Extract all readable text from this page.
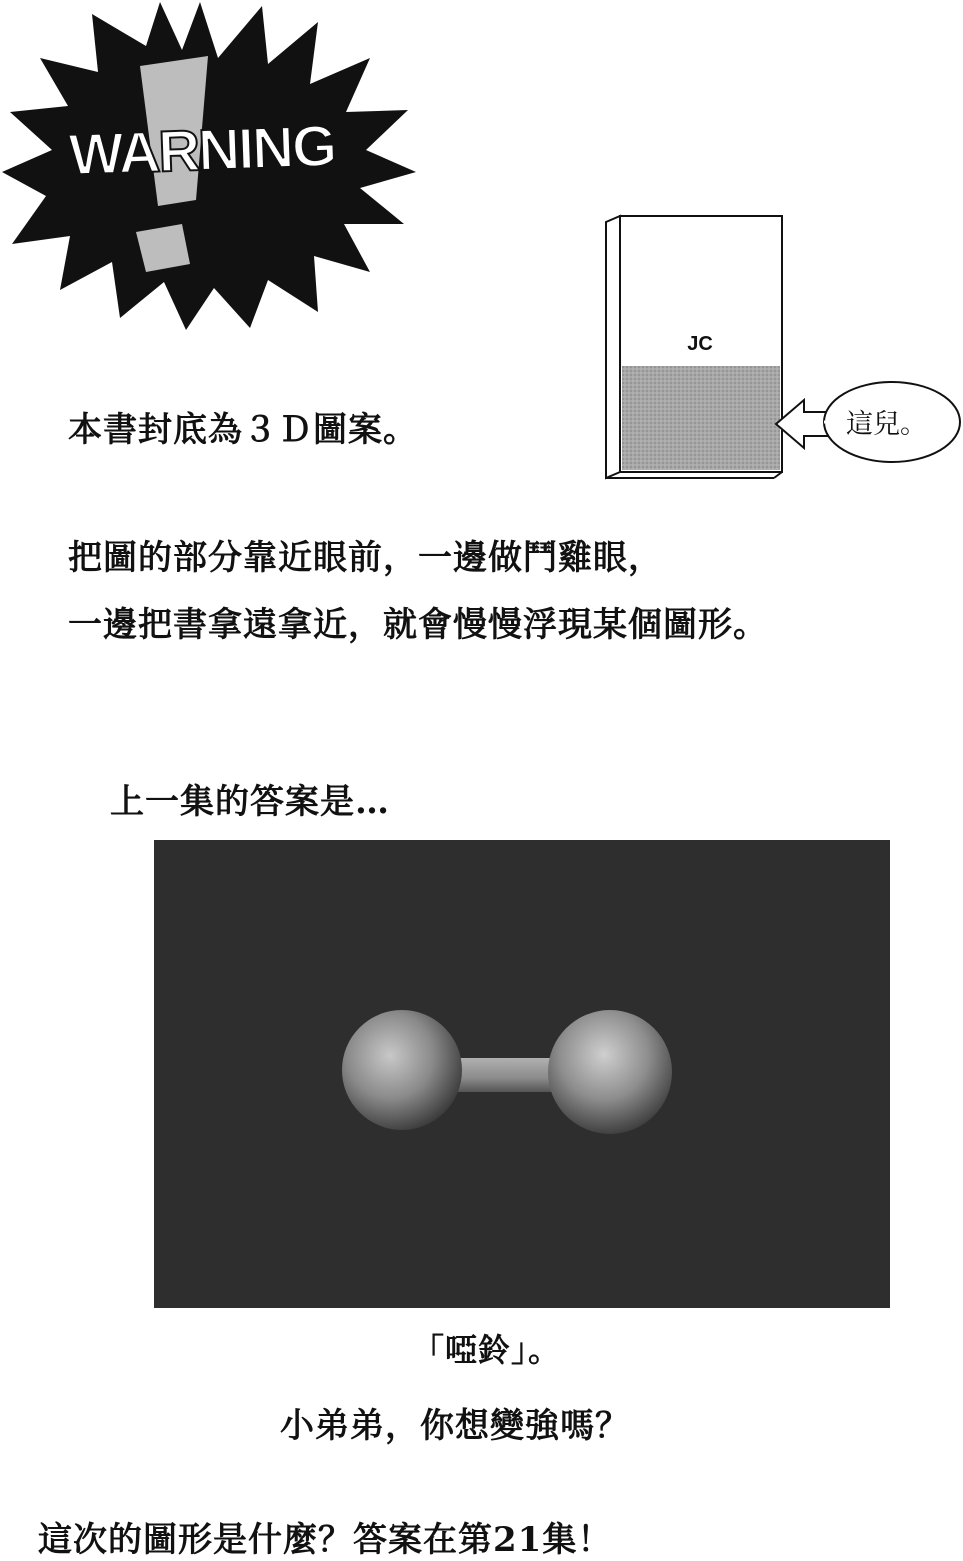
WARNING
本書封底為３Ｄ圖案。
JC
這兒。
把圖的部分靠近眼前，一邊做鬥雞眼，
一邊把書拿遠拿近，就會慢慢浮現某個圖形。
上一集的答案是…
「啞鈴」。
小弟弟，你想變強嗎？
這次的圖形是什麼？答案在第21集！
